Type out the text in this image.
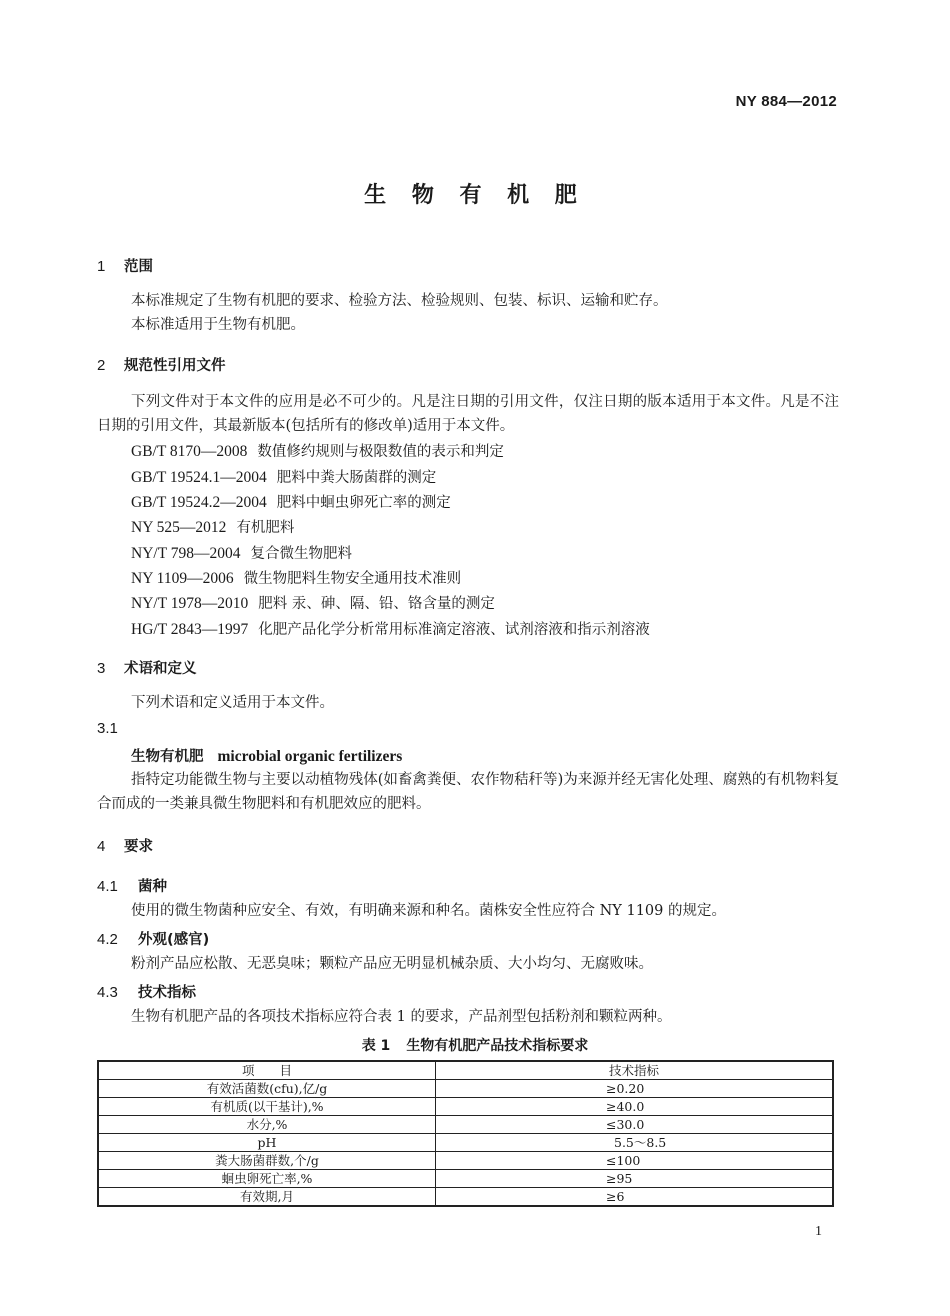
NY 884—2012
生 物 有 机 肥
1 范围
本标准规定了生物有机肥的要求、检验方法、检验规则、包装、标识、运输和贮存。
本标准适用于生物有机肥。
2 规范性引用文件
下列文件对于本文件的应用是必不可少的。凡是注日期的引用文件，仅注日期的版本适用于本文件。凡是不注日期的引用文件，其最新版本(包括所有的修改单)适用于本文件。
GB/T 8170—2008 数值修约规则与极限数值的表示和判定
GB/T 19524.1—2004 肥料中粪大肠菌群的测定
GB/T 19524.2—2004 肥料中蛔虫卵死亡率的测定
NY 525—2012 有机肥料
NY/T 798—2004 复合微生物肥料
NY 1109—2006 微生物肥料生物安全通用技术准则
NY/T 1978—2010 肥料 汞、砷、隔、铅、铬含量的测定
HG/T 2843—1997 化肥产品化学分析常用标准滴定溶液、试剂溶液和指示剂溶液
3 术语和定义
下列术语和定义适用于本文件。
3.1
生物有机肥 microbial organic fertilizers
指特定功能微生物与主要以动植物残体(如畜禽粪便、农作物秸秆等)为来源并经无害化处理、腐熟的有机物料复合而成的一类兼具微生物肥料和有机肥效应的肥料。
4 要求
4.1 菌种
使用的微生物菌种应安全、有效，有明确来源和种名。菌株安全性应符合 NY 1109 的规定。
4.2 外观(感官)
粉剂产品应松散、无恶臭味；颗粒产品应无明显机械杂质、大小均匀、无腐败味。
4.3 技术指标
生物有机肥产品的各项技术指标应符合表 1 的要求，产品剂型包括粉剂和颗粒两种。
表 1 生物有机肥产品技术指标要求
项　　目	技术指标
有效活菌数(cfu),亿/g	≥0.20
有机质(以干基计),%	≥40.0
水分,%	≤30.0
pH	5.5～8.5
粪大肠菌群数,个/g	≤100
蛔虫卵死亡率,%	≥95
有效期,月	≥6
1
